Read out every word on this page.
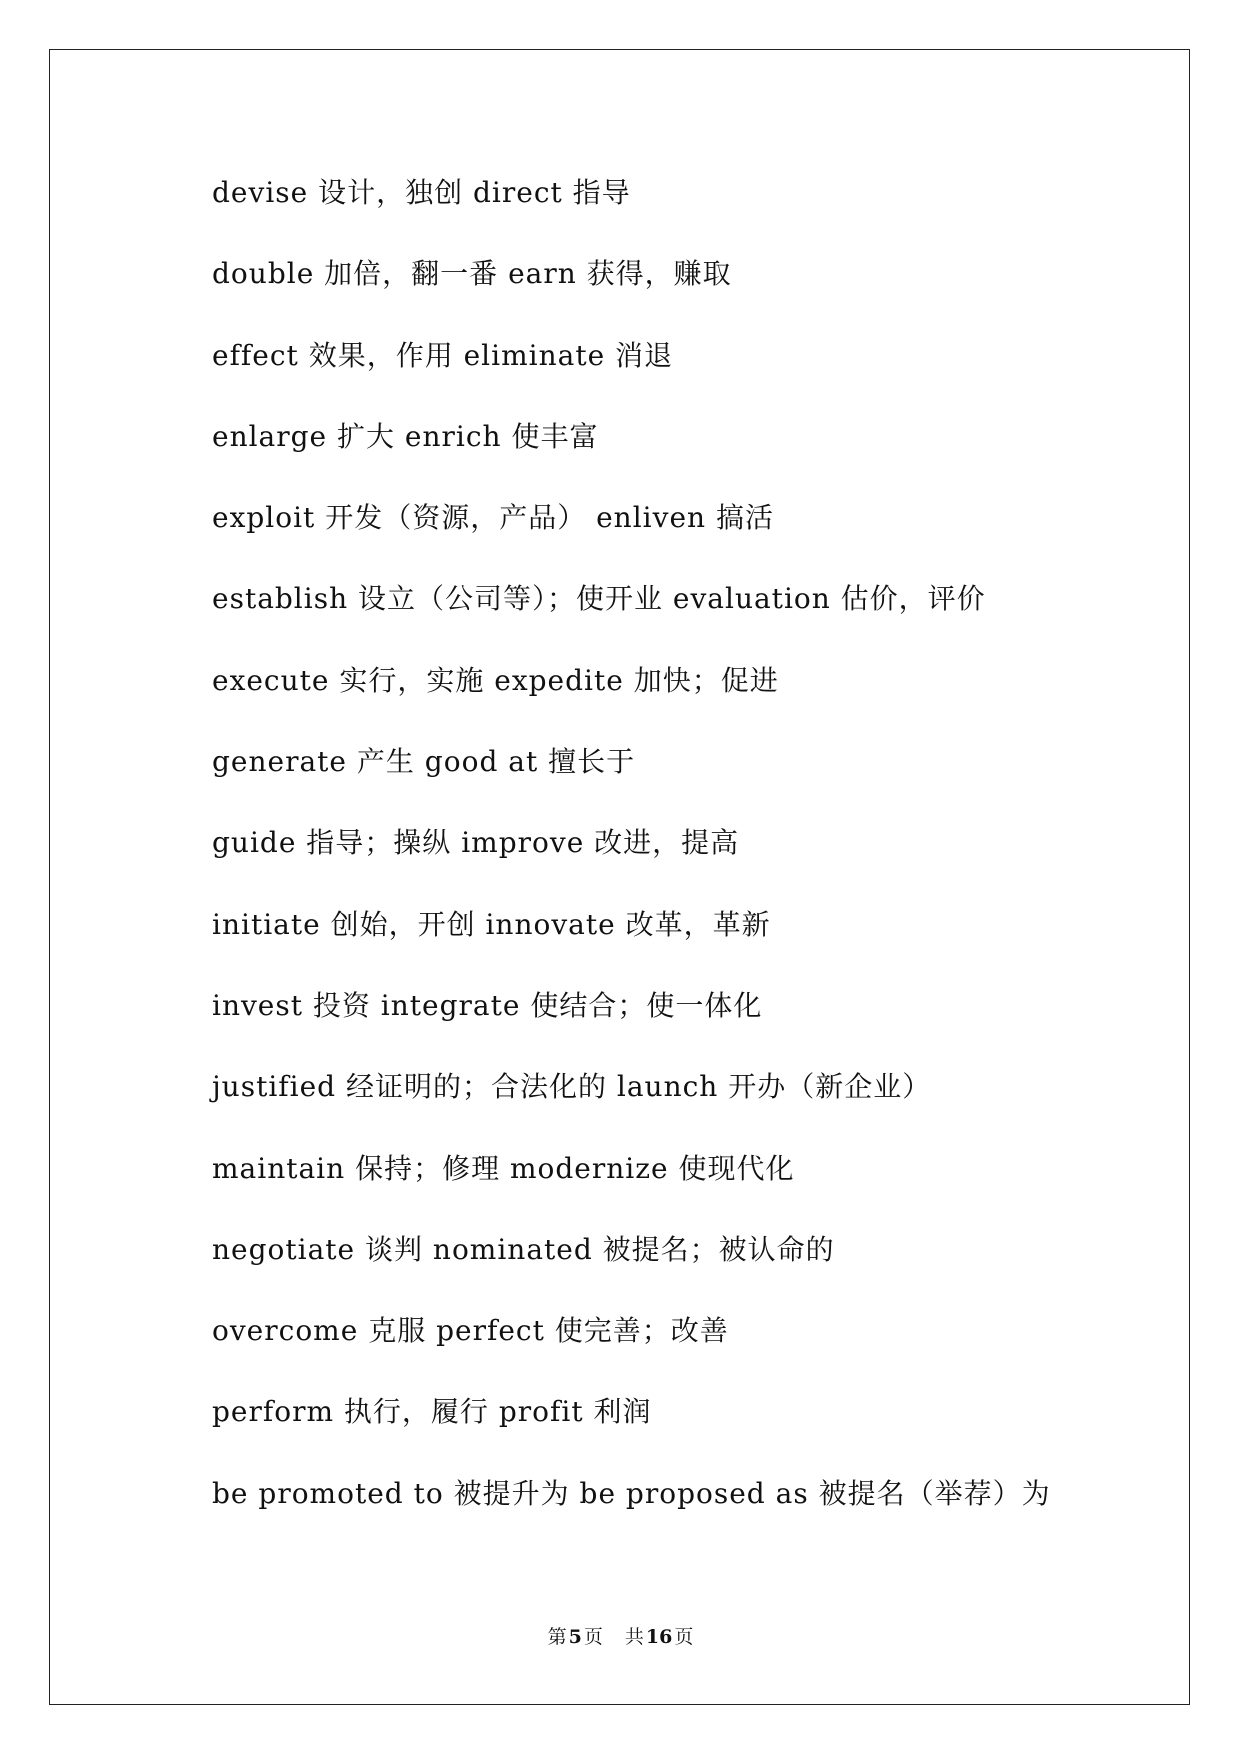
devise 设计，独创 direct 指导
double 加倍，翻一番 earn 获得，赚取
effect 效果，作用 eliminate 消退
enlarge 扩大 enrich 使丰富
exploit 开发（资源，产品） enliven 搞活
establish 设立（公司等）；使开业 evaluation 估价，评价
execute 实行，实施 expedite 加快；促进
generate 产生 good at 擅长于
guide 指导；操纵 improve 改进，提高
initiate 创始，开创 innovate 改革，革新
invest 投资 integrate 使结合；使一体化
justified 经证明的；合法化的 launch 开办（新企业）
maintain 保持；修理 modernize 使现代化
negotiate 谈判 nominated 被提名；被认命的
overcome 克服 perfect 使完善；改善
perform 执行，履行 profit 利润
be promoted to 被提升为 be proposed as 被提名（举荐）为
第 5 页 共 16 页
